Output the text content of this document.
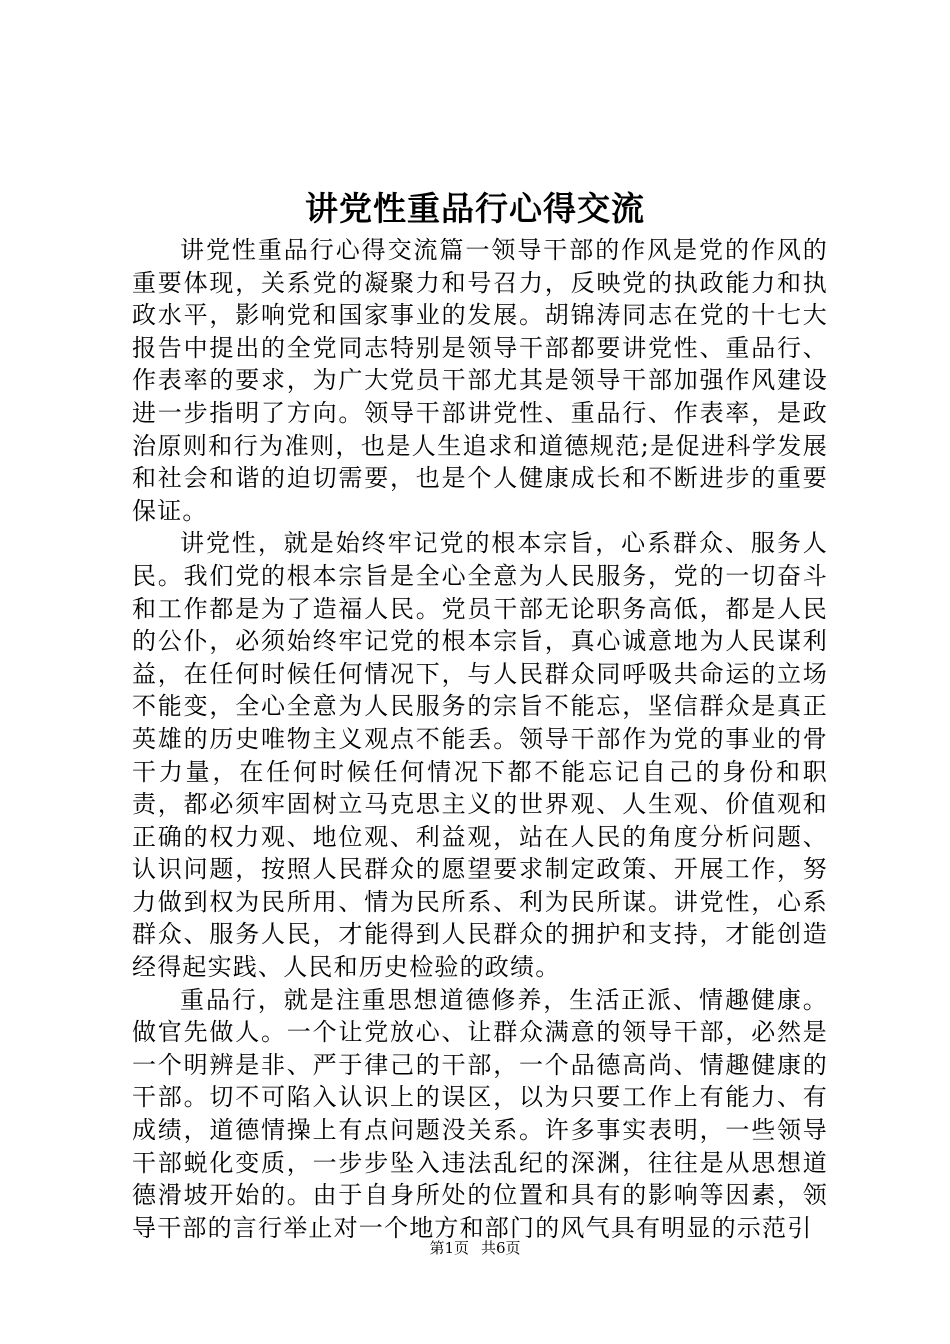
讲党性重品行心得交流

讲党性重品行心得交流篇一领导干部的作风是党的作风的重要体现，关系党的凝聚力和号召力，反映党的执政能力和执政水平，影响党和国家事业的发展。胡锦涛同志在党的十七大报告中提出的全党同志特别是领导干部都要讲党性、重品行、作表率的要求，为广大党员干部尤其是领导干部加强作风建设进一步指明了方向。领导干部讲党性、重品行、作表率，是政治原则和行为准则，也是人生追求和道德规范;是促进科学发展和社会和谐的迫切需要，也是个人健康成长和不断进步的重要保证。

讲党性，就是始终牢记党的根本宗旨，心系群众、服务人民。我们党的根本宗旨是全心全意为人民服务，党的一切奋斗和工作都是为了造福人民。党员干部无论职务高低，都是人民的公仆，必须始终牢记党的根本宗旨，真心诚意地为人民谋利益，在任何时候任何情况下，与人民群众同呼吸共命运的立场不能变，全心全意为人民服务的宗旨不能忘，坚信群众是真正英雄的历史唯物主义观点不能丢。领导干部作为党的事业的骨干力量，在任何时候任何情况下都不能忘记自己的身份和职责，都必须牢固树立马克思主义的世界观、人生观、价值观和正确的权力观、地位观、利益观，站在人民的角度分析问题、认识问题，按照人民群众的愿望要求制定政策、开展工作，努力做到权为民所用、情为民所系、利为民所谋。讲党性，心系群众、服务人民，才能得到人民群众的拥护和支持，才能创造经得起实践、人民和历史检验的政绩。

重品行，就是注重思想道德修养，生活正派、情趣健康。做官先做人。一个让党放心、让群众满意的领导干部，必然是一个明辨是非、严于律己的干部，一个品德高尚、情趣健康的干部。切不可陷入认识上的误区，以为只要工作上有能力、有成绩，道德情操上有点问题没关系。许多事实表明，一些领导干部蜕化变质，一步步坠入违法乱纪的深渊，往往是从思想道德滑坡开始的。由于自身所处的位置和具有的影响等因素，领导干部的言行举止对一个地方和部门的风气具有明显的示范引

第1页 共6页
